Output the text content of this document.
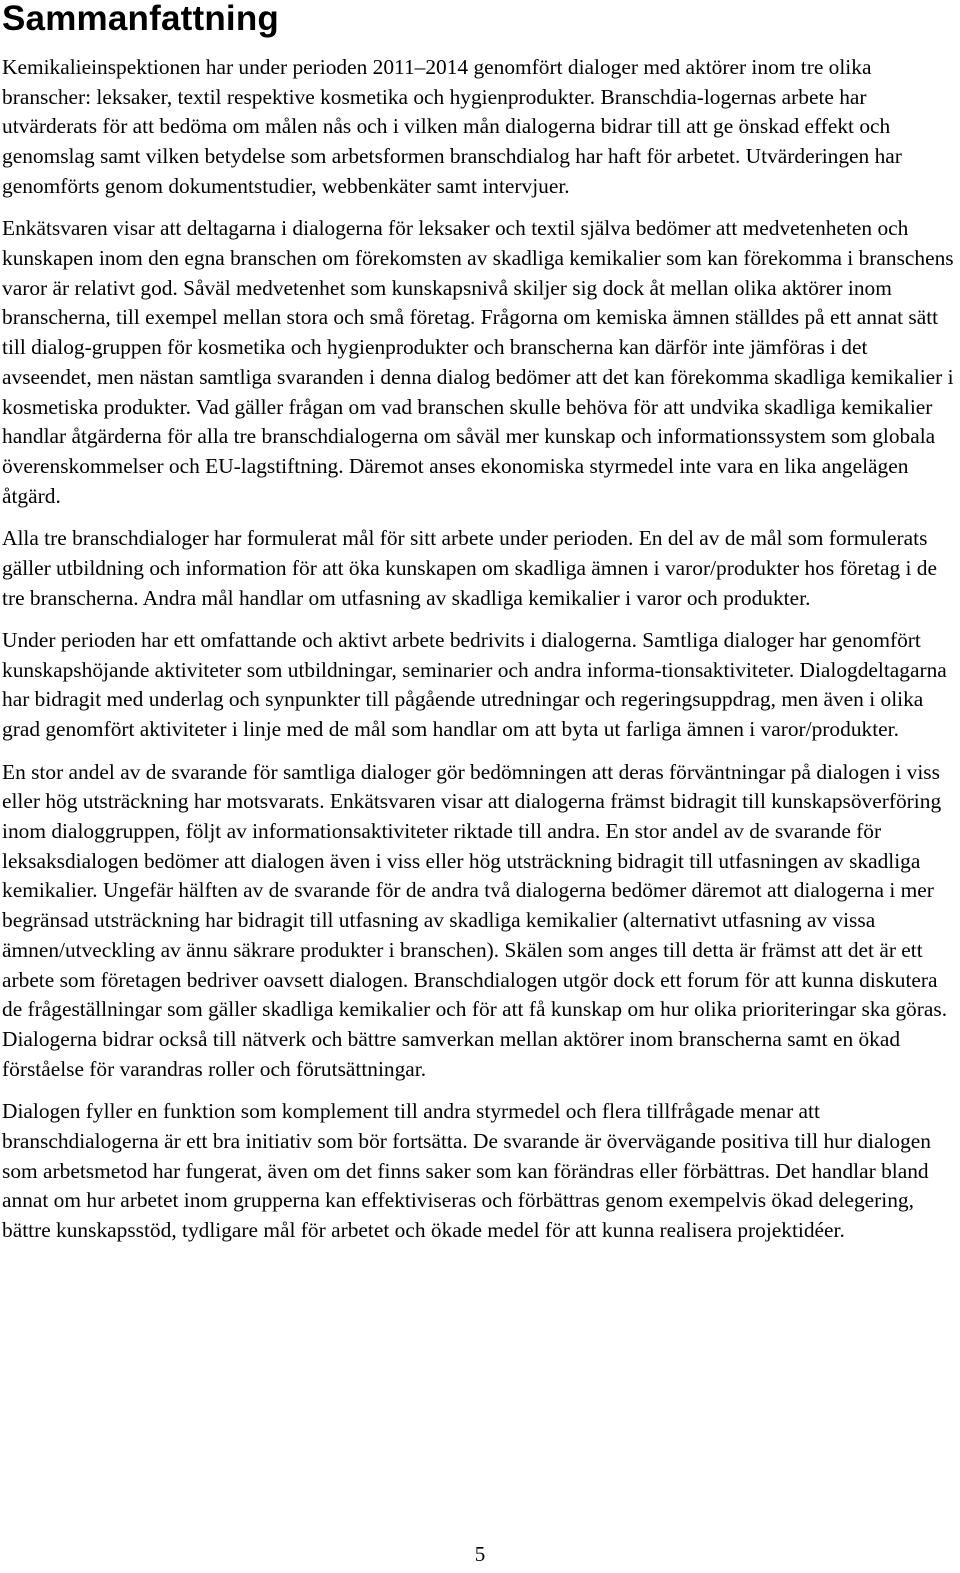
Sammanfattning

Kemikalieinspektionen har under perioden 2011–2014 genomfört dialoger med aktörer inom tre olika branscher: leksaker, textil respektive kosmetika och hygienprodukter. Branschdia-logernas arbete har utvärderats för att bedöma om målen nås och i vilken mån dialogerna bidrar till att ge önskad effekt och genomslag samt vilken betydelse som arbetsformen branschdialog har haft för arbetet. Utvärderingen har genomförts genom dokumentstudier, webbenkäter samt intervjuer.

Enkätsvaren visar att deltagarna i dialogerna för leksaker och textil själva bedömer att medvetenheten och kunskapen inom den egna branschen om förekomsten av skadliga kemikalier som kan förekomma i branschens varor är relativt god. Såväl medvetenhet som kunskapsnivå skiljer sig dock åt mellan olika aktörer inom branscherna, till exempel mellan stora och små företag. Frågorna om kemiska ämnen ställdes på ett annat sätt till dialog-gruppen för kosmetika och hygienprodukter och branscherna kan därför inte jämföras i det avseendet, men nästan samtliga svaranden i denna dialog bedömer att det kan förekomma skadliga kemikalier i kosmetiska produkter. Vad gäller frågan om vad branschen skulle behöva för att undvika skadliga kemikalier handlar åtgärderna för alla tre branschdialogerna om såväl mer kunskap och informationssystem som globala överenskommelser och EU-lagstiftning. Däremot anses ekonomiska styrmedel inte vara en lika angelägen åtgärd.

Alla tre branschdialoger har formulerat mål för sitt arbete under perioden. En del av de mål som formulerats gäller utbildning och information för att öka kunskapen om skadliga ämnen i varor/produkter hos företag i de tre branscherna. Andra mål handlar om utfasning av skadliga kemikalier i varor och produkter.

Under perioden har ett omfattande och aktivt arbete bedrivits i dialogerna. Samtliga dialoger har genomfört kunskapshöjande aktiviteter som utbildningar, seminarier och andra informa-tionsaktiviteter. Dialogdeltagarna har bidragit med underlag och synpunkter till pågående utredningar och regeringsuppdrag, men även i olika grad genomfört aktiviteter i linje med de mål som handlar om att byta ut farliga ämnen i varor/produkter.

En stor andel av de svarande för samtliga dialoger gör bedömningen att deras förväntningar på dialogen i viss eller hög utsträckning har motsvarats. Enkätsvaren visar att dialogerna främst bidragit till kunskapsöverföring inom dialoggruppen, följt av informationsaktiviteter riktade till andra. En stor andel av de svarande för leksaksdialogen bedömer att dialogen även i viss eller hög utsträckning bidragit till utfasningen av skadliga kemikalier. Ungefär hälften av de svarande för de andra två dialogerna bedömer däremot att dialogerna i mer begränsad utsträckning har bidragit till utfasning av skadliga kemikalier (alternativt utfasning av vissa ämnen/utveckling av ännu säkrare produkter i branschen). Skälen som anges till detta är främst att det är ett arbete som företagen bedriver oavsett dialogen. Branschdialogen utgör dock ett forum för att kunna diskutera de frågeställningar som gäller skadliga kemikalier och för att få kunskap om hur olika prioriteringar ska göras. Dialogerna bidrar också till nätverk och bättre samverkan mellan aktörer inom branscherna samt en ökad förståelse för varandras roller och förutsättningar.

Dialogen fyller en funktion som komplement till andra styrmedel och flera tillfrågade menar att branschdialogerna är ett bra initiativ som bör fortsätta. De svarande är övervägande positiva till hur dialogen som arbetsmetod har fungerat, även om det finns saker som kan förändras eller förbättras. Det handlar bland annat om hur arbetet inom grupperna kan effektiviseras och förbättras genom exempelvis ökad delegering, bättre kunskapsstöd, tydligare mål för arbetet och ökade medel för att kunna realisera projektidéer.

5
